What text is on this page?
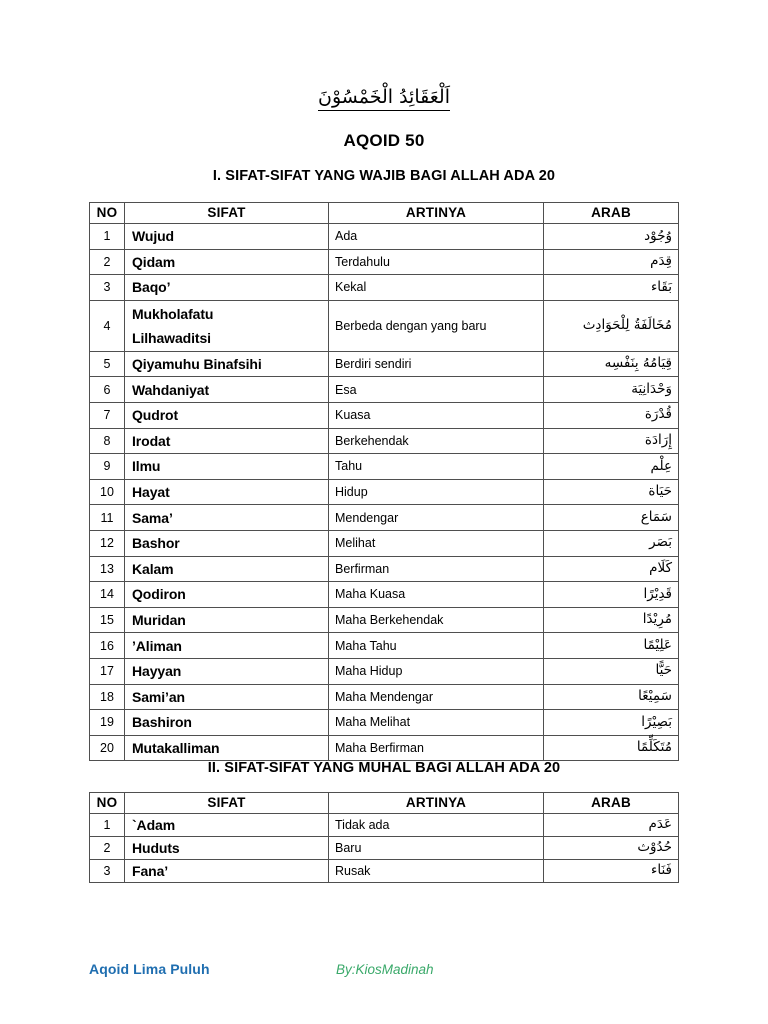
اَلْعَقَائِدُ الْخَمْسُوْنَ
AQOID 50
I. SIFAT-SIFAT YANG WAJIB BAGI ALLAH ADA 20
NO	SIFAT	ARTINYA	ARAB
1	Wujud	Ada	وُجُوْد
2	Qidam	Terdahulu	قِدَم
3	Baqo’	Kekal	بَقَاء
4	Mukholafatu
Lilhawaditsi	Berbeda dengan yang baru	مُخَالَفَةُ لِلْحَوَادِث
5	Qiyamuhu Binafsihi	Berdiri sendiri	قِيَامُهُ بِنَفْسِه
6	Wahdaniyat	Esa	وَحْدَانِيَة
7	Qudrot	Kuasa	قُدْرَة
8	Irodat	Berkehendak	إِرَادَة
9	Ilmu	Tahu	عِلْم
10	Hayat	Hidup	حَيَاة
11	Sama’	Mendengar	سَمَاع
12	Bashor	Melihat	بَصَر
13	Kalam	Berfirman	كَلَام
14	Qodiron	Maha Kuasa	قَدِيْرًا
15	Muridan	Maha Berkehendak	مُرِيْدًا
16	’Aliman	Maha Tahu	عَلِيْمًا
17	Hayyan	Maha Hidup	حَيًّا
18	Sami’an	Maha Mendengar	سَمِيْعًا
19	Bashiron	Maha Melihat	بَصِيْرًا
20	Mutakalliman	Maha Berfirman	مُتَكَلِّمًا
II. SIFAT-SIFAT YANG MUHAL BAGI ALLAH ADA 20
NO	SIFAT	ARTINYA	ARAB
1	`Adam	Tidak ada	عَدَم
2	Huduts	Baru	حُدُوْث
3	Fana’	Rusak	فَنَاء
Aqoid Lima Puluh	By:KiosMadinah
